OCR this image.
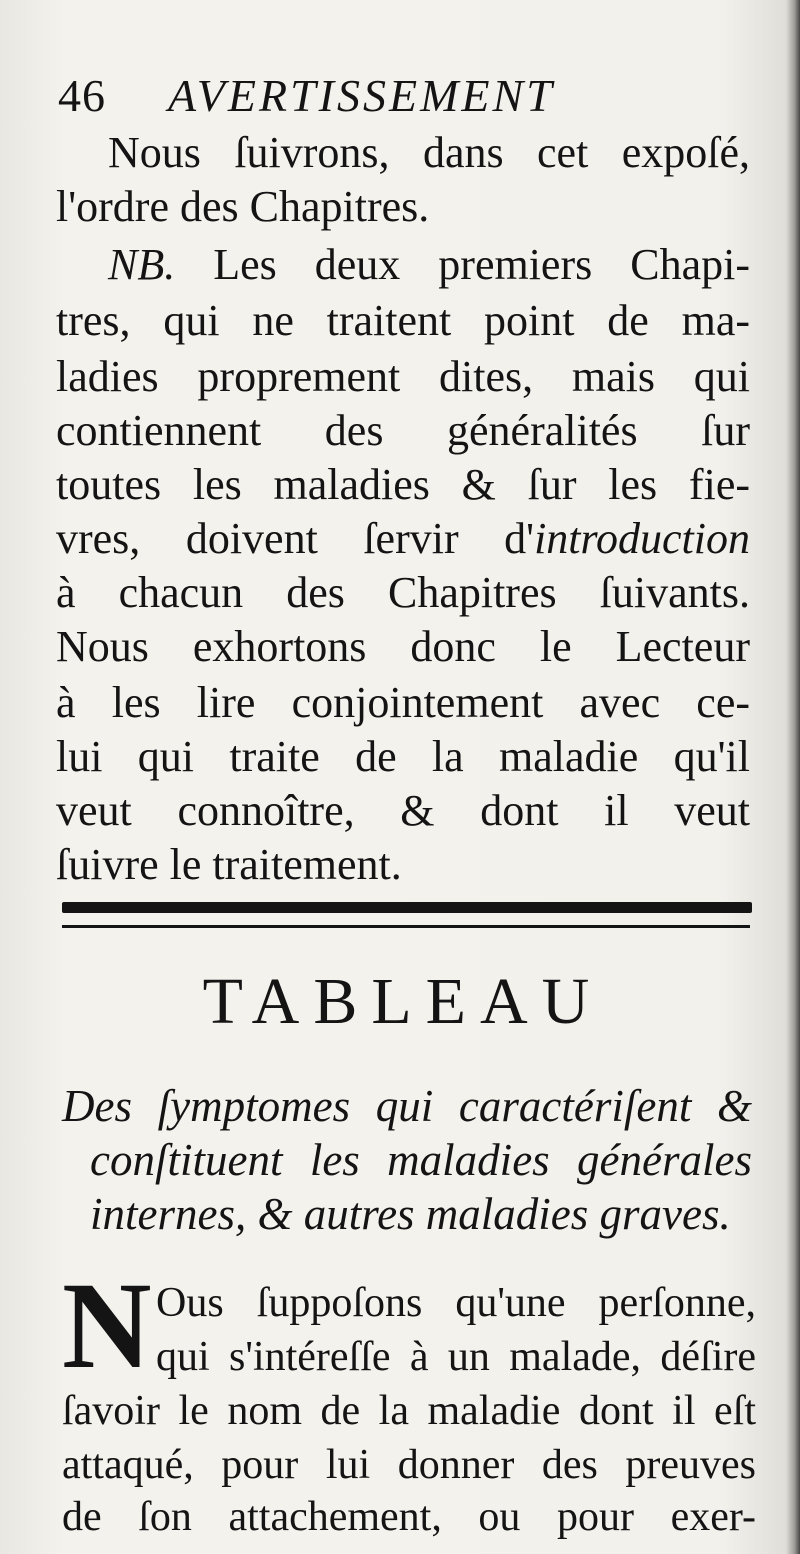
46 AVERTISSEMENT
Nous ſuivrons, dans cet expoſé,
l'ordre des Chapitres.
NB. Les deux premiers Chapi-
tres, qui ne traitent point de ma-
ladies proprement dites, mais qui
contiennent des généralités ſur
toutes les maladies & ſur les fie-
vres, doivent ſervir d'introduction
à chacun des Chapitres ſuivants.
Nous exhortons donc le Lecteur
à les lire conjointement avec ce-
lui qui traite de la maladie qu'il
veut connoître, & dont il veut
ſuivre le traitement.
TABLEAU
Des ſymptomes qui caractériſent &
conſtituent les maladies générales
internes, & autres maladies graves.
N Ous ſuppoſons qu'une perſonne,
qui s'intéreſſe à un malade, déſire
ſavoir le nom de la maladie dont il eſt
attaqué, pour lui donner des preuves
de ſon attachement, ou pour exer-
